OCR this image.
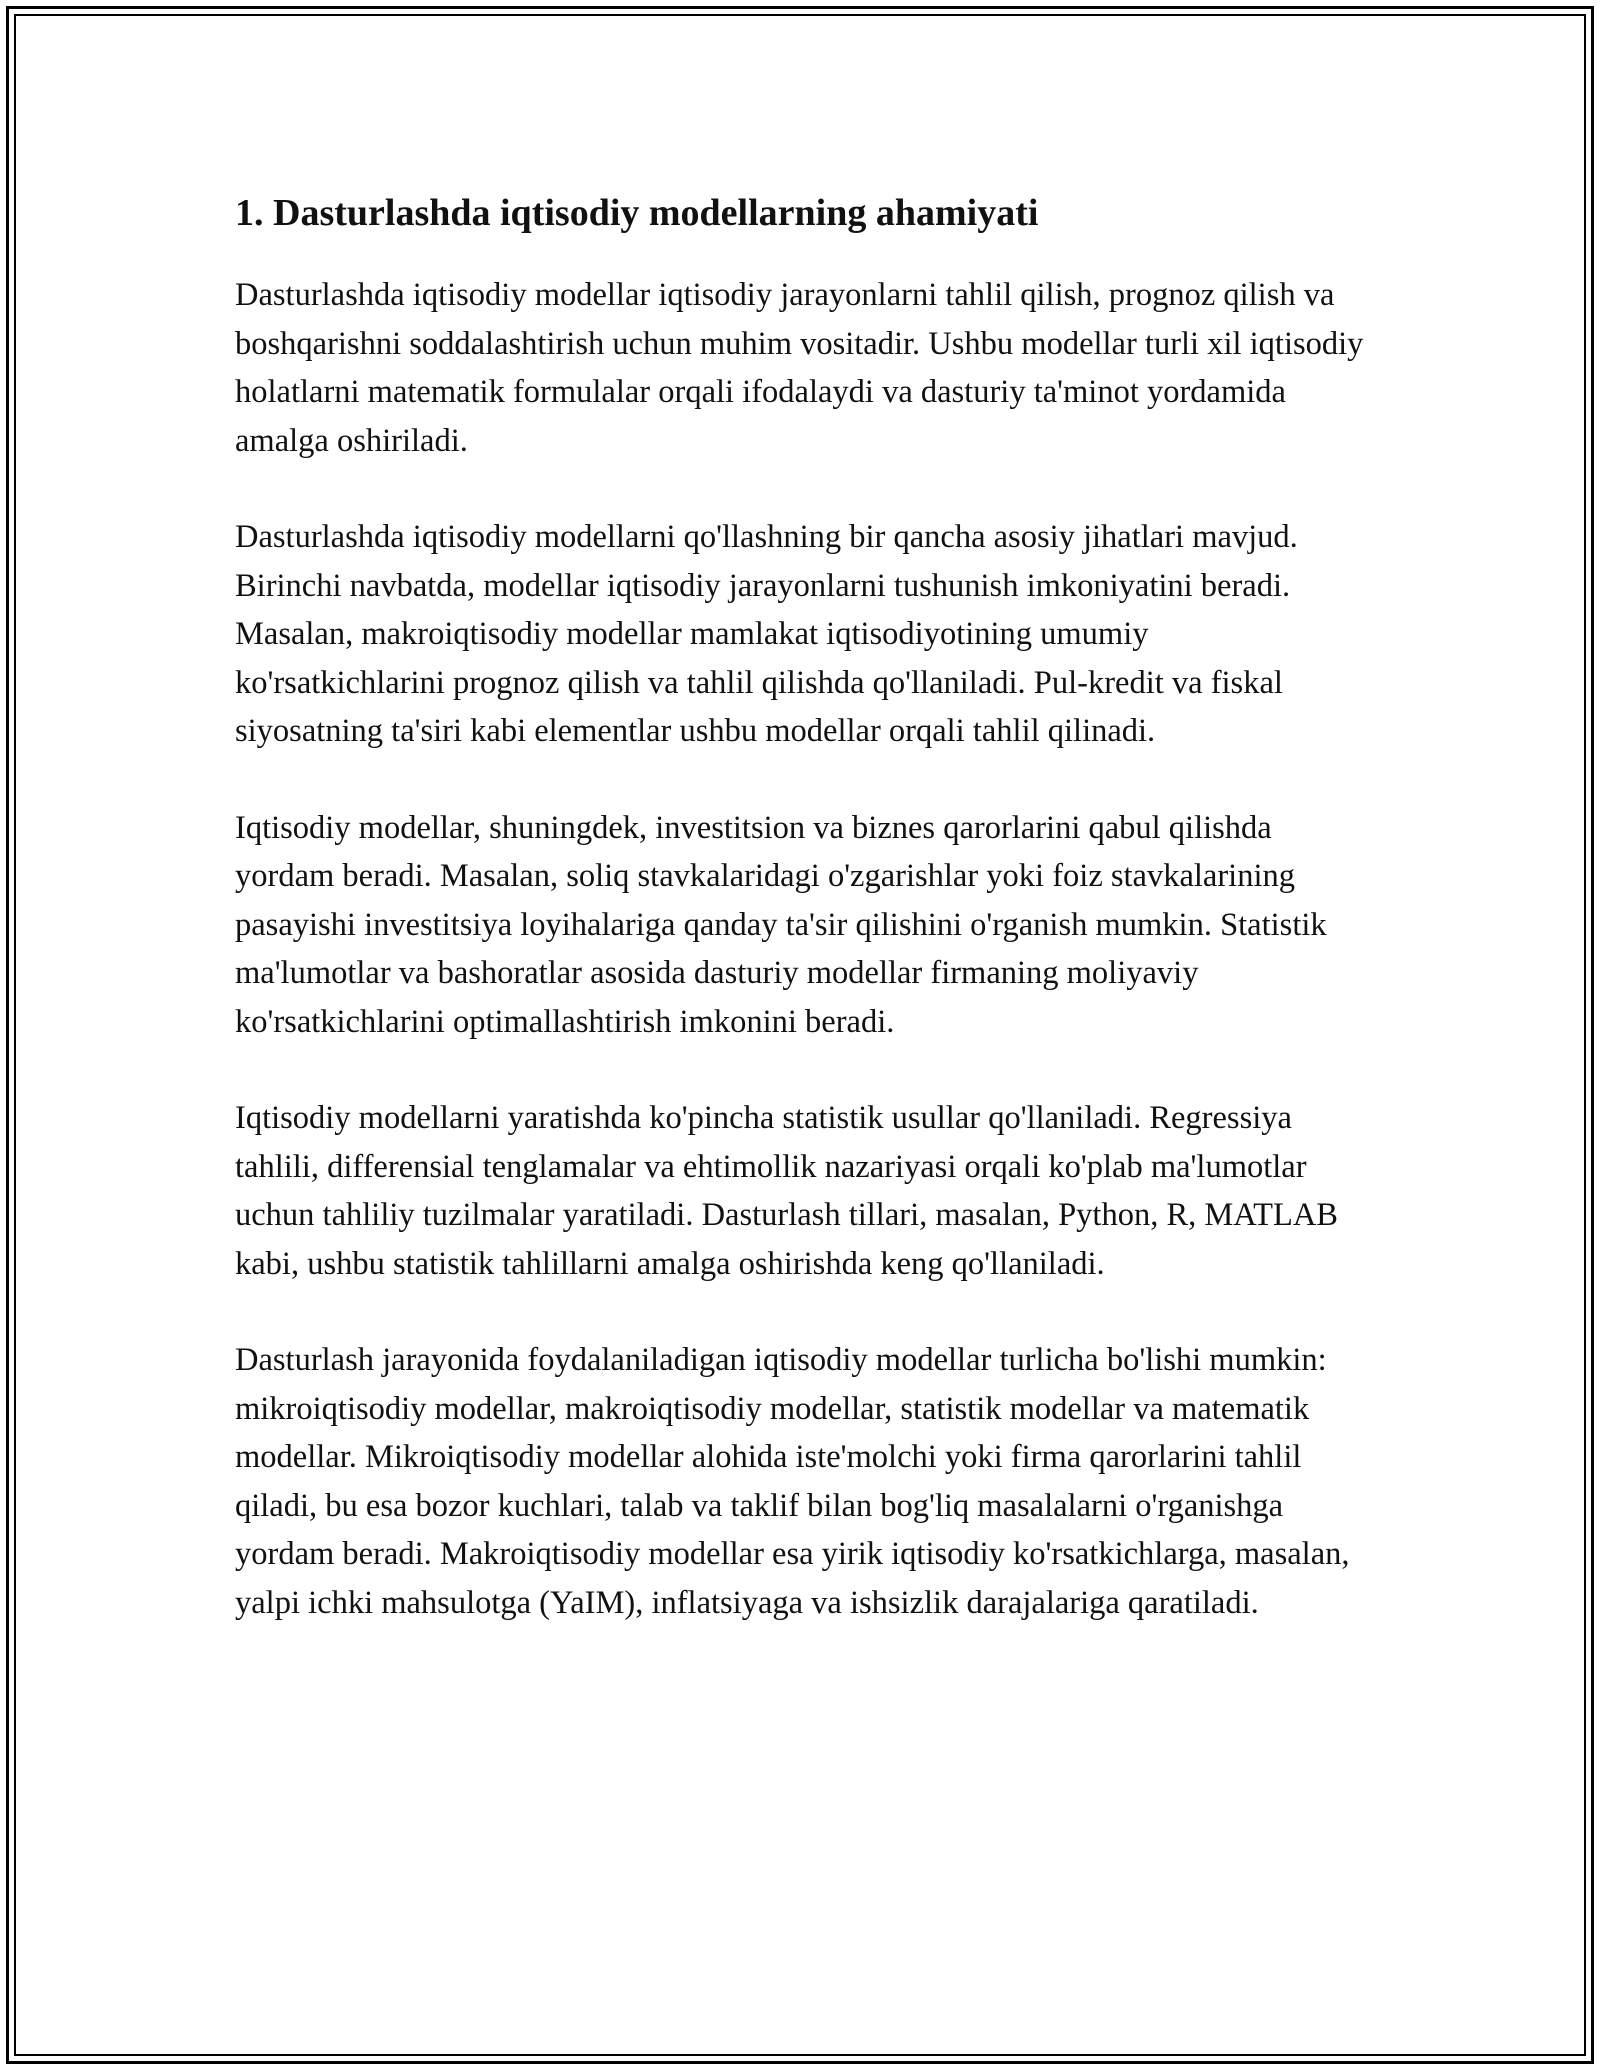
1. Dasturlashda iqtisodiy modellarning ahamiyati

Dasturlashda iqtisodiy modellar iqtisodiy jarayonlarni tahlil qilish, prognoz qilish va boshqarishni soddalashtirish uchun muhim vositadir. Ushbu modellar turli xil iqtisodiy holatlarni matematik formulalar orqali ifodalaydi va dasturiy ta'minot yordamida amalga oshiriladi.

Dasturlashda iqtisodiy modellarni qo'llashning bir qancha asosiy jihatlari mavjud. Birinchi navbatda, modellar iqtisodiy jarayonlarni tushunish imkoniyatini beradi. Masalan, makroiqtisodiy modellar mamlakat iqtisodiyotining umumiy ko'rsatkichlarini prognoz qilish va tahlil qilishda qo'llaniladi. Pul-kredit va fiskal siyosatning ta'siri kabi elementlar ushbu modellar orqali tahlil qilinadi.

Iqtisodiy modellar, shuningdek, investitsion va biznes qarorlarini qabul qilishda yordam beradi. Masalan, soliq stavkalaridagi o'zgarishlar yoki foiz stavkalarining pasayishi investitsiya loyihalariga qanday ta'sir qilishini o'rganish mumkin. Statistik ma'lumotlar va bashoratlar asosida dasturiy modellar firmaning moliyaviy ko'rsatkichlarini optimallashtirish imkonini beradi.

Iqtisodiy modellarni yaratishda ko'pincha statistik usullar qo'llaniladi. Regressiya tahlili, differensial tenglamalar va ehtimollik nazariyasi orqali ko'plab ma'lumotlar uchun tahliliy tuzilmalar yaratiladi. Dasturlash tillari, masalan, Python, R, MATLAB kabi, ushbu statistik tahlillarni amalga oshirishda keng qo'llaniladi.

Dasturlash jarayonida foydalaniladigan iqtisodiy modellar turlicha bo'lishi mumkin: mikroiqtisodiy modellar, makroiqtisodiy modellar, statistik modellar va matematik modellar. Mikroiqtisodiy modellar alohida iste'molchi yoki firma qarorlarini tahlil qiladi, bu esa bozor kuchlari, talab va taklif bilan bog'liq masalalarni o'rganishga yordam beradi. Makroiqtisodiy modellar esa yirik iqtisodiy ko'rsatkichlarga, masalan, yalpi ichki mahsulotga (YaIM), inflatsiyaga va ishsizlik darajalariga qaratiladi.
